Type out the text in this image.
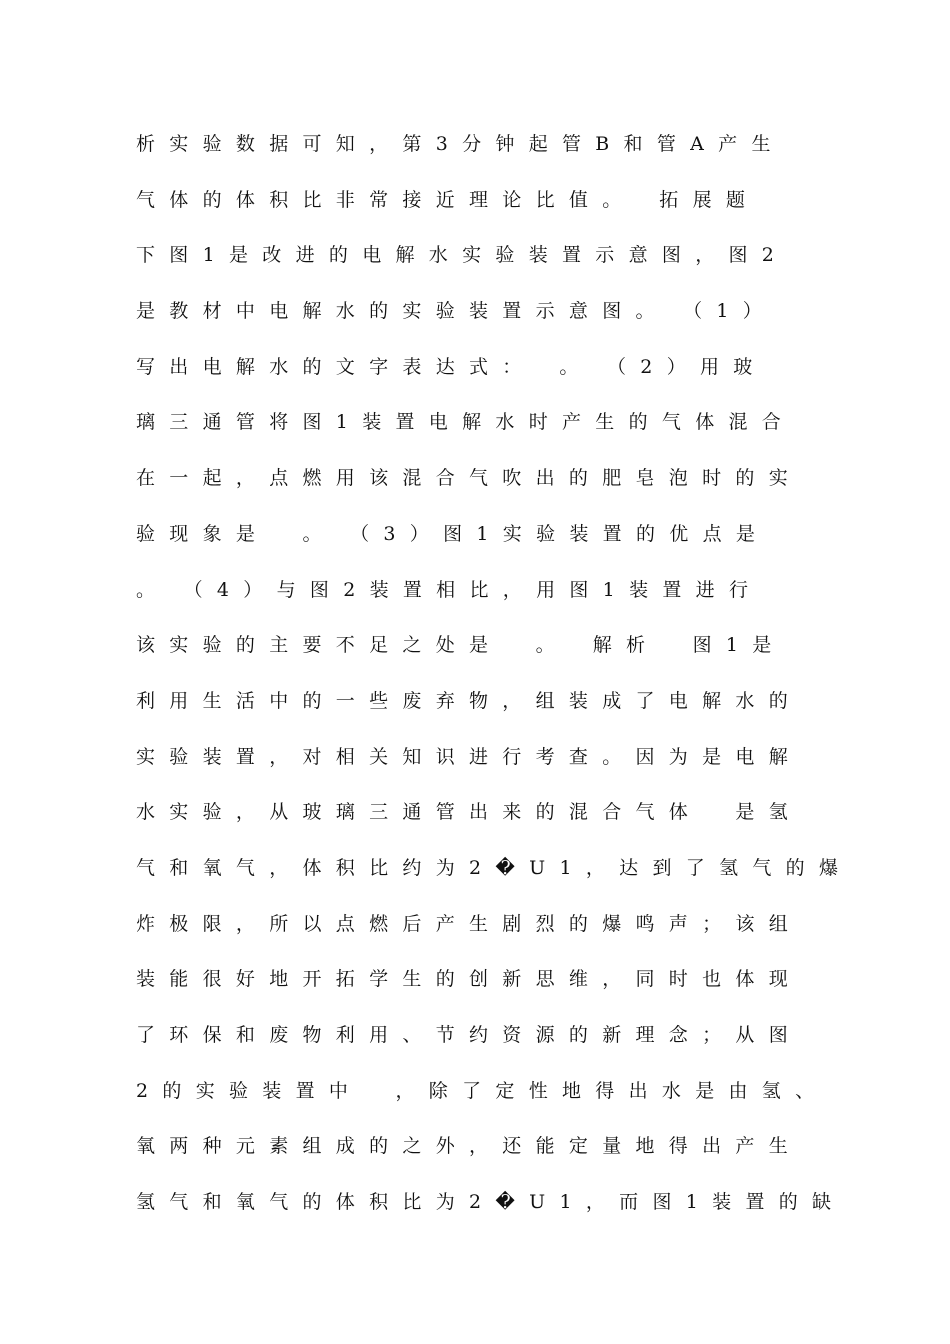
析实验数据可知，第3分钟起管B和管A产生

气体的体积比非常接近理论比值。　拓展题

下图1是改进的电解水实验装置示意图，图2

是教材中电解水的实验装置示意图。　（1）

写出电解水的文字表达式：　。　（2）用玻

璃三通管将图1装置电解水时产生的气体混合

在一起，点燃用该混合气吹出的肥皂泡时的实

验现象是　。　（3）图1实验装置的优点是

。　（4）与图2装置相比，用图1装置进行

该实验的主要不足之处是　。　解析　图1是

利用生活中的一些废弃物，组装成了电解水的

实验装置，对相关知识进行考查。因为是电解

水实验，从玻璃三通管出来的混合气体　是氢

气和氧气，体积比约为2�U1，达到了氢气的爆

炸极限，所以点燃后产生剧烈的爆鸣声；该组

装能很好地开拓学生的创新思维，同时也体现

了环保和废物利用、节约资源的新理念；从图

2的实验装置中　，除了定性地得出水是由氢、

氧两种元素组成的之外，还能定量地得出产生

氢气和氧气的体积比为2�U1，而图1装置的缺
